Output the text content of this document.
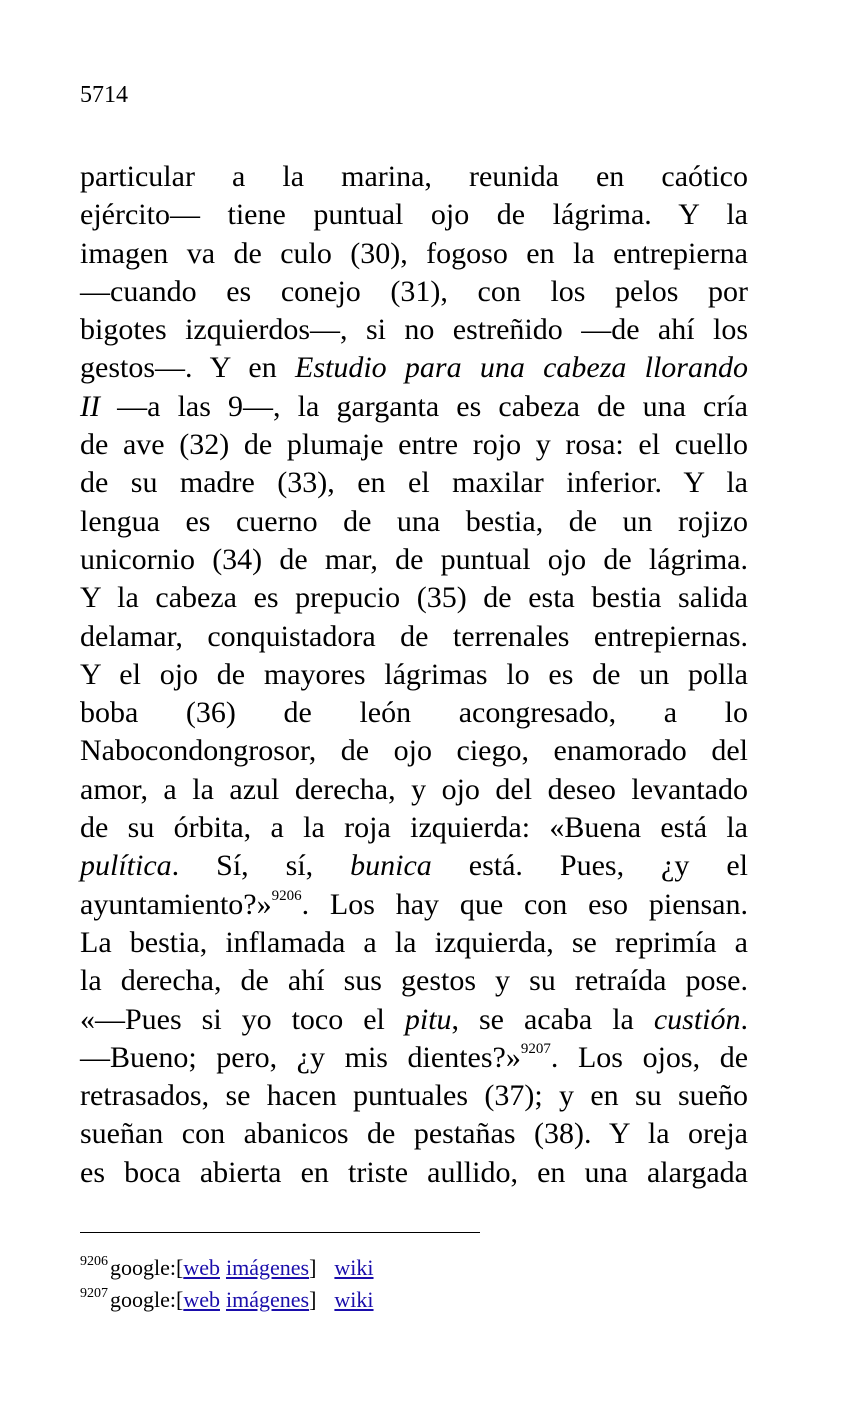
5714
particular a la marina, reunida en caótico
ejército— tiene puntual ojo de lágrima. Y la
imagen va de culo (30), fogoso en la entrepierna
—cuando es conejo (31), con los pelos por
bigotes izquierdos—, si no estreñido —de ahí los
gestos—. Y en Estudio para una cabeza llorando
II —a las 9—, la garganta es cabeza de una cría
de ave (32) de plumaje entre rojo y rosa: el cuello
de su madre (33), en el maxilar inferior. Y la
lengua es cuerno de una bestia, de un rojizo
unicornio (34) de mar, de puntual ojo de lágrima.
Y la cabeza es prepucio (35) de esta bestia salida
delamar, conquistadora de terrenales entrepiernas.
Y el ojo de mayores lágrimas lo es de un polla
boba (36) de león acongresado, a lo
Nabocondongrosor, de ojo ciego, enamorado del
amor, a la azul derecha, y ojo del deseo levantado
de su órbita, a la roja izquierda: «Buena está la
pulítica. Sí, sí, bunica está. Pues, ¿y el
ayuntamiento?»$^{9206}$. Los hay que con eso piensan.
La bestia, inflamada a la izquierda, se reprimía a
la derecha, de ahí sus gestos y su retraída pose.
«—Pues si yo toco el pitu, se acaba la custión.
—Bueno; pero, ¿y mis dientes?»$^{9207}$. Los ojos, de
retrasados, se hacen puntuales (37); y en su sueño
sueñan con abanicos de pestañas (38). Y la oreja
es boca abierta en triste aullido, en una alargada
$^{9206}$google:[web imágenes] wiki
$^{9207}$google:[web imágenes] wiki
